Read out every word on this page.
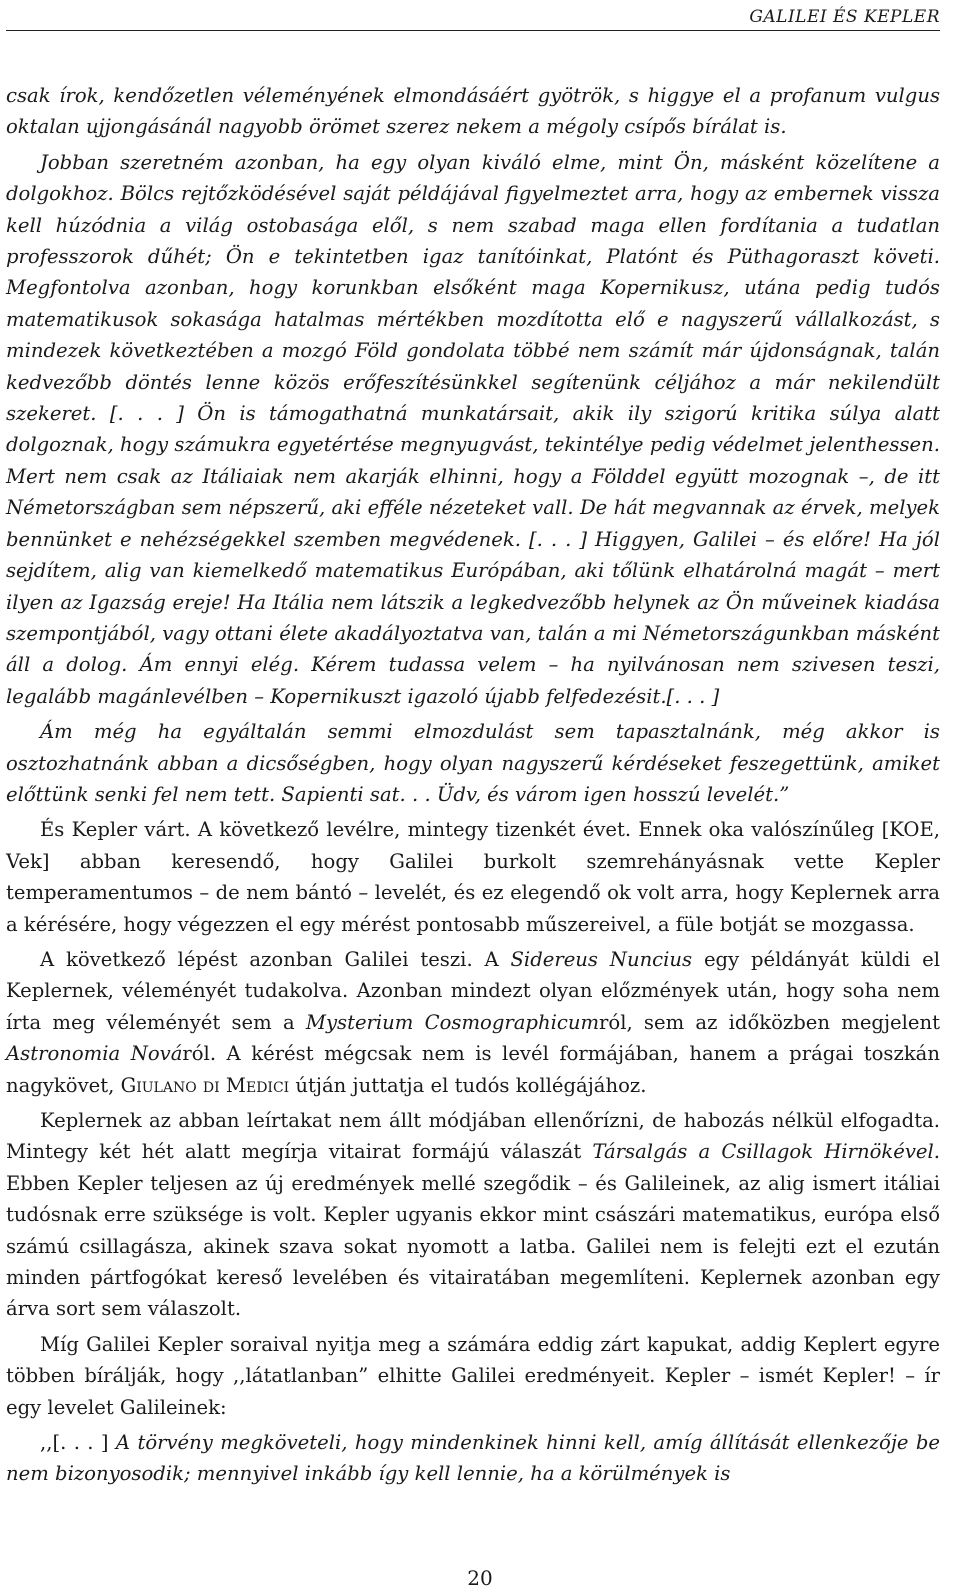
GALILEI ÉS KEPLER

csak írok, kendőzetlen véleményének elmondásáért gyötrök, s higgye el a profanum vulgus oktalan ujjongásánál nagyobb örömet szerez nekem a mégoly csípős bírálat is.

Jobban szeretném azonban, ha egy olyan kiváló elme, mint Ön, másként közelítene a dolgokhoz. Bölcs rejtőzködésével saját példájával figyelmeztet arra, hogy az embernek vissza kell húzódnia a világ ostobasága elől, s nem szabad maga ellen fordítania a tudatlan professzorok dűhét; Ön e tekintetben igaz tanítóinkat, Platónt és Püthagoraszt követi. Megfontolva azonban, hogy korunkban elsőként maga Kopernikusz, utána pedig tudós matematikusok sokasága hatalmas mértékben mozdította elő e nagyszerű vállalkozást, s mindezek következtében a mozgó Föld gondolata többé nem számít már újdonságnak, talán kedvezőbb döntés lenne közös erőfeszítésünkkel segítenünk céljához a már nekilendült szekeret. [. . . ] Ön is támogathatná munkatársait, akik ily szigorú kritika súlya alatt dolgoznak, hogy számukra egyetértése megnyugvást, tekintélye pedig védelmet jelenthessen. Mert nem csak az Itáliaiak nem akarják elhinni, hogy a Földdel együtt mozognak –, de itt Németországban sem népszerű, aki efféle nézeteket vall. De hát megvannak az érvek, melyek bennünket e nehézségekkel szemben megvédenek. [. . . ] Higgyen, Galilei – és előre! Ha jól sejdítem, alig van kiemelkedő matematikus Európában, aki tőlünk elhatárolná magát – mert ilyen az Igazság ereje! Ha Itália nem látszik a legkedvezőbb helynek az Ön műveinek kiadása szempontjából, vagy ottani élete akadályoztatva van, talán a mi Németországunkban másként áll a dolog. Ám ennyi elég. Kérem tudassa velem – ha nyilvánosan nem szivesen teszi, legalább magánlevélben – Kopernikuszt igazoló újabb felfedezésit.[. . . ]

Ám még ha egyáltalán semmi elmozdulást sem tapasztalnánk, még akkor is osztozhatnánk abban a dicsőségben, hogy olyan nagyszerű kérdéseket feszegettünk, amiket előttünk senki fel nem tett. Sapienti sat. . . Üdv, és várom igen hosszú levelét.”

És Kepler várt. A következő levélre, mintegy tizenkét évet. Ennek oka valószínűleg [KOE, Vek] abban keresendő, hogy Galilei burkolt szemrehányásnak vette Kepler temperamentumos – de nem bántó – levelét, és ez elegendő ok volt arra, hogy Keplernek arra a kérésére, hogy végezzen el egy mérést pontosabb műszereivel, a füle botját se mozgassa.

A következő lépést azonban Galilei teszi. A Sidereus Nuncius egy példányát küldi el Keplernek, véleményét tudakolva. Azonban mindezt olyan előzmények után, hogy soha nem írta meg véleményét sem a Mysterium Cosmographicumról, sem az időközben megjelent Astronomia Nováról. A kérést mégcsak nem is levél formájában, hanem a prágai toszkán nagykövet, Giulano di Medici útján juttatja el tudós kollégájához.

Keplernek az abban leírtakat nem állt módjában ellenőrízni, de habozás nélkül elfogadta. Mintegy két hét alatt megírja vitairat formájú válaszát Társalgás a Csillagok Hirnökével. Ebben Kepler teljesen az új eredmények mellé szegődik – és Galileinek, az alig ismert itáliai tudósnak erre szüksége is volt. Kepler ugyanis ekkor mint császári matematikus, európa első számú csillagásza, akinek szava sokat nyomott a latba. Galilei nem is felejti ezt el ezután minden pártfogókat kereső levelében és vitairatában megemlíteni. Keplernek azonban egy árva sort sem válaszolt.

Míg Galilei Kepler soraival nyitja meg a számára eddig zárt kapukat, addig Keplert egyre többen bírálják, hogy ,,látatlanban” elhitte Galilei eredményeit. Kepler – ismét Kepler! – ír egy levelet Galileinek:

,,[. . . ] A törvény megköveteli, hogy mindenkinek hinni kell, amíg állítását ellenkezője be nem bizonyosodik; mennyivel inkább így kell lennie, ha a körülmények is

20
